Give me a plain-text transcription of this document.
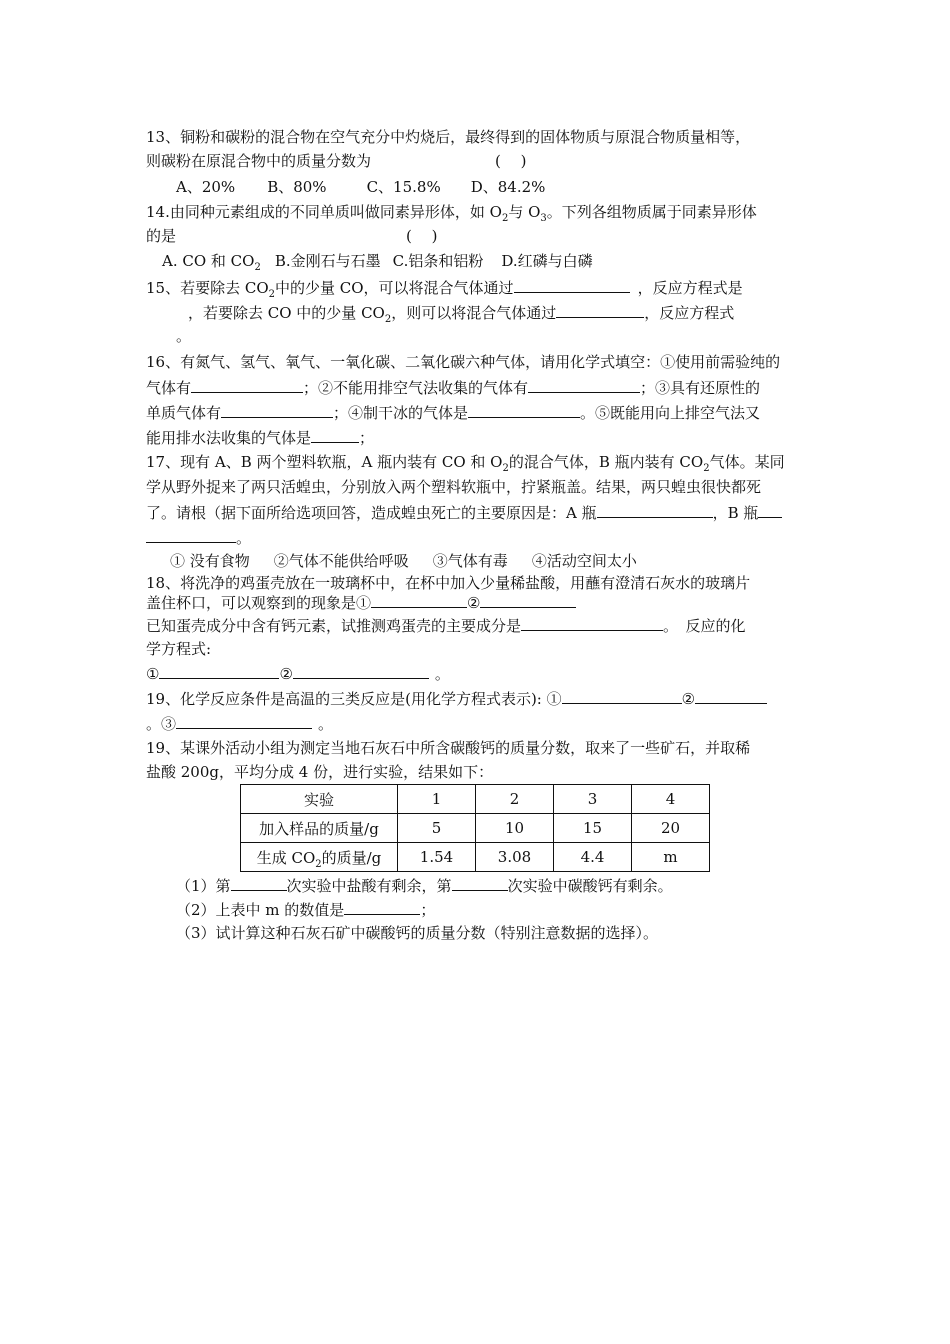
13、铜粉和碳粉的混合物在空气充分中灼烧后，最终得到的固体物质与原混合物质量相等，
则碳粉在原混合物中的质量分数为	(　 )
A、20% B、80%	C、15.8% D、84.2%
14.由同种元素组成的不同单质叫做同素异形体，如 $O_2$与 $O_3$。下列各组物质属于同素异形体
的是	(　 )
A. CO 和 $CO_2$ B.金刚石与石墨 C.铝条和铝粉 D.红磷与白磷
15、若要除去 $CO_2$中的少量 CO，可以将混合气体通过	，反应方程式是
，若要除去 CO 中的少量 $CO_2$，则可以将混合气体通过	，反应方程式
。
16、有氮气、氢气、氧气、一氧化碳、二氧化碳六种气体，请用化学式填空：①使用前需验纯的
气体有	；②不能用排空气法收集的气体有	；③具有还原性的
单质气体有	；④制干冰的气体是	。⑤既能用向上排空气法又
能用排水法收集的气体是	；
17、现有 A、B 两个塑料软瓶，A 瓶内装有 CO 和 $O_2$的混合气体，B 瓶内装有 $CO_2$气体。某同
学从野外捉来了两只活蝗虫，分别放入两个塑料软瓶中，拧紧瓶盖。结果，两只蝗虫很快都死
了。请根（据下面所给选项回答，造成蝗虫死亡的主要原因是：A 瓶	，B 瓶
。
① 没有食物 ②气体不能供给呼吸 ③气体有毒 ④活动空间太小
18、将洗净的鸡蛋壳放在一玻璃杯中，在杯中加入少量稀盐酸，用蘸有澄清石灰水的玻璃片
盖住杯口，可以观察到的现象是①	②
已知蛋壳成分中含有钙元素，试推测鸡蛋壳的主要成分是	。　反应的化
学方程式:
①	②	。
19、化学反应条件是高温的三类反应是(用化学方程式表示): ①	②
。③	。
19、某课外活动小组为测定当地石灰石中所含碳酸钙的质量分数，取来了一些矿石，并取稀
盐酸 200g，平均分成 4 份，进行实验，结果如下：
实验	1	2	3	4
加入样品的质量/g	5	10	15	20
生成 $CO_2$的质量/g	1.54	3.08	4.4	m
（1）第	次实验中盐酸有剩余，第	次实验中碳酸钙有剩余。
（2）上表中 m 的数值是	；
（3）试计算这种石灰石矿中碳酸钙的质量分数（特别注意数据的选择）。
